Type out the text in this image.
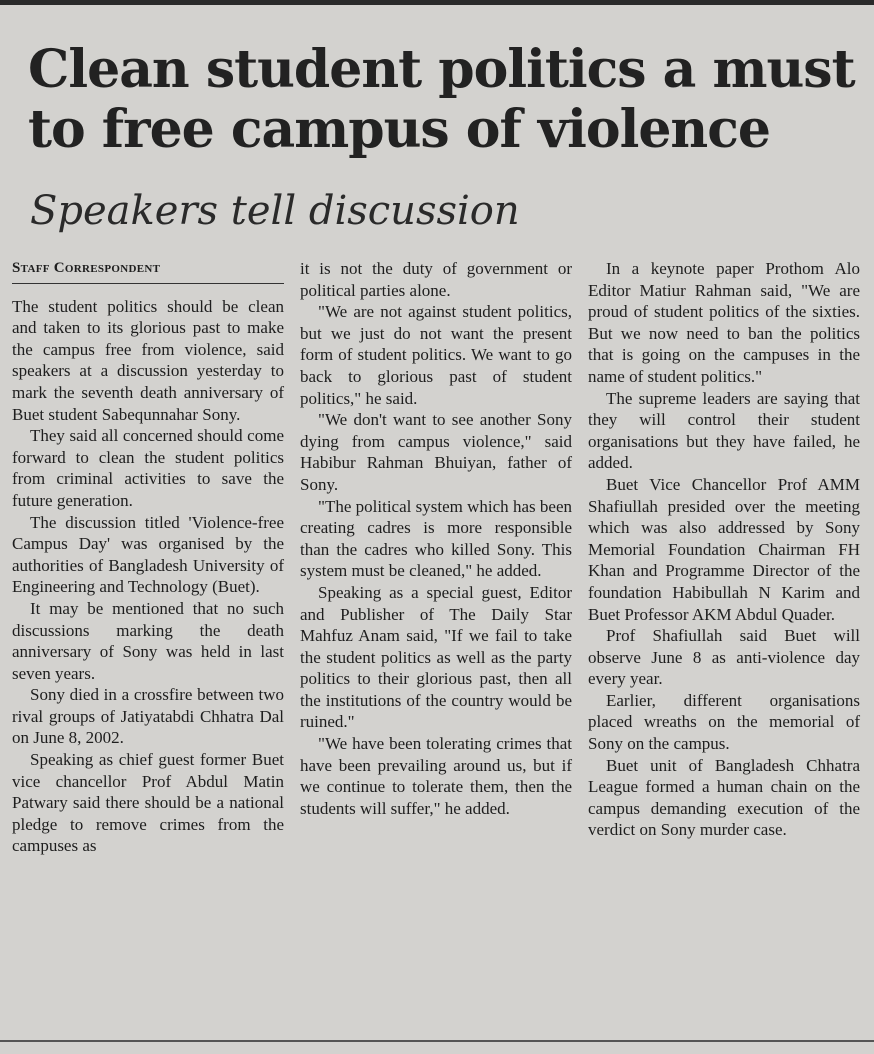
Clean student politics a must to free campus of violence
Speakers tell discussion
Staff Correspondent

The student politics should be clean and taken to its glorious past to make the campus free from violence, said speakers at a discussion yesterday to mark the seventh death anniversary of Buet student Sabequnnahar Sony.

They said all concerned should come forward to clean the student politics from criminal activities to save the future generation.

The discussion titled 'Violence-free Campus Day' was organised by the authorities of Bangladesh University of Engineering and Technology (Buet).

It may be mentioned that no such discussions marking the death anniversary of Sony was held in last seven years.

Sony died in a crossfire between two rival groups of Jatiyatabdi Chhatra Dal on June 8, 2002.

Speaking as chief guest former Buet vice chancellor Prof Abdul Matin Patwary said there should be a national pledge to remove crimes from the campuses as

it is not the duty of government or political parties alone.

"We are not against student politics, but we just do not want the present form of student politics. We want to go back to glorious past of student politics," he said.

"We don't want to see another Sony dying from campus violence," said Habibur Rahman Bhuiyan, father of Sony.

"The political system which has been creating cadres is more responsible than the cadres who killed Sony. This system must be cleaned," he added.

Speaking as a special guest, Editor and Publisher of The Daily Star Mahfuz Anam said, "If we fail to take the student politics as well as the party politics to their glorious past, then all the institutions of the country would be ruined."

"We have been tolerating crimes that have been prevailing around us, but if we continue to tolerate them, then the students will suffer," he added.

In a keynote paper Prothom Alo Editor Matiur Rahman said, "We are proud of student politics of the sixties. But we now need to ban the politics that is going on the campuses in the name of student politics."

The supreme leaders are saying that they will control their student organisations but they have failed, he added.

Buet Vice Chancellor Prof AMM Shafiullah presided over the meeting which was also addressed by Sony Memorial Foundation Chairman FH Khan and Programme Director of the foundation Habibullah N Karim and Buet Professor AKM Abdul Quader.

Prof Shafiullah said Buet will observe June 8 as anti-violence day every year.

Earlier, different organisations placed wreaths on the memorial of Sony on the campus.

Buet unit of Bangladesh Chhatra League formed a human chain on the campus demanding execution of the verdict on Sony murder case.
